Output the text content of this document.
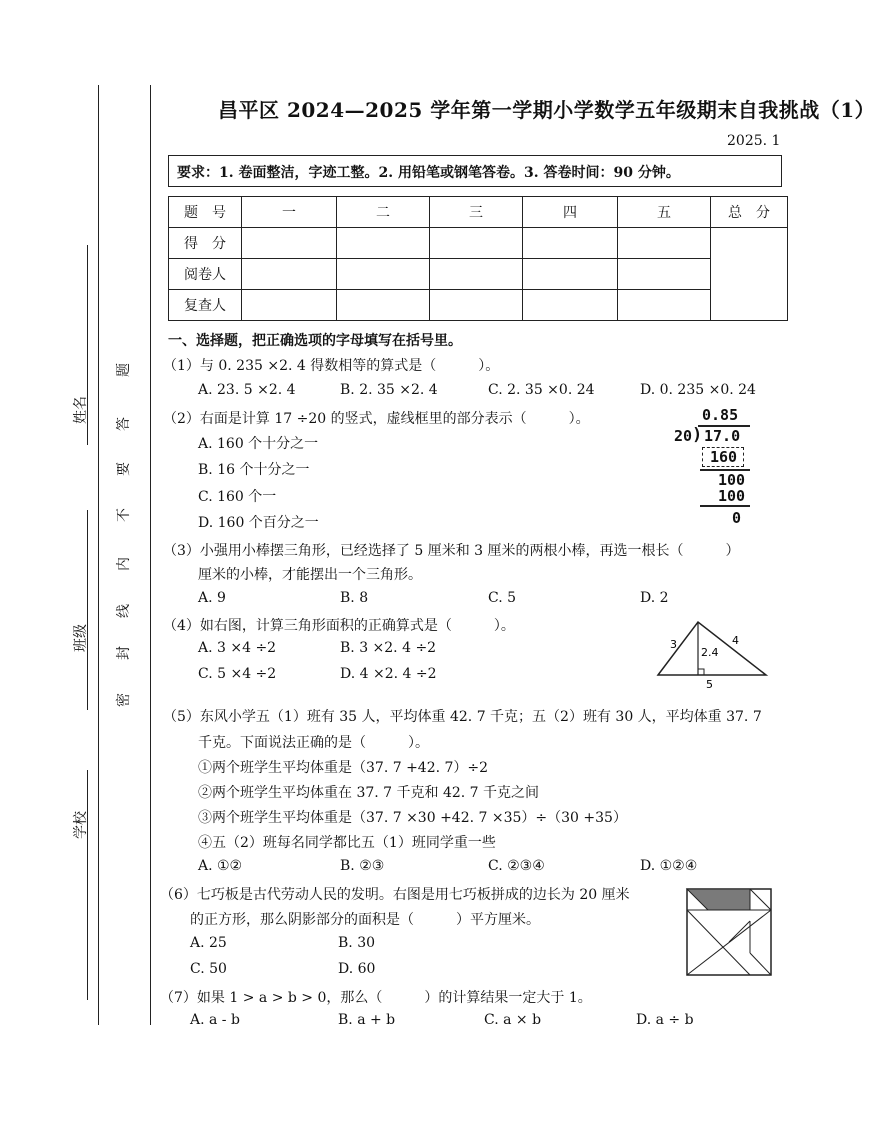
姓名
班级
学校
密
封
线
内
不
要
答
题
昌平区 2024—2025 学年第一学期小学数学五年级期末自我挑战（1）
2025. 1
要求：1. 卷面整洁，字迹工整。2. 用铅笔或钢笔答卷。3. 答卷时间：90 分钟。
题　号	一	二	三	四	五	总　分
得　分						
阅卷人						
复查人						
一、选择题，把正确选项的字母填写在括号里。
（1）与 0. 235 ×2. 4 得数相等的算式是（　　　）。
A. 23. 5 ×2. 4	B. 2. 35 ×2. 4	C. 2. 35 ×0. 24	D. 0. 235 ×0. 24
（2）右面是计算 17 ÷20 的竖式，虚线框里的部分表示（　　　）。
A. 160 个十分之一
B. 16 个十分之一
C. 160 个一
D. 160 个百分之一
0.85
20 ) 17.0
160
100
100
0
（3）小强用小棒摆三角形，已经选择了 5 厘米和 3 厘米的两根小棒，再选一根长（　　　）
厘米的小棒，才能摆出一个三角形。
A. 9	B. 8	C. 5	D. 2
（4）如右图，计算三角形面积的正确算式是（　　　）。
A. 3 ×4 ÷2	B. 3 ×2. 4 ÷2
C. 5 ×4 ÷2	D. 4 ×2. 4 ÷2
3	4
2.4
5
（5）东风小学五（1）班有 35 人，平均体重 42. 7 千克；五（2）班有 30 人，平均体重 37. 7
千克。下面说法正确的是（　　　）。
①两个班学生平均体重是（37. 7 +42. 7）÷2
②两个班学生平均体重在 37. 7 千克和 42. 7 千克之间
③两个班学生平均体重是（37. 7 ×30 +42. 7 ×35）÷（30 +35）
④五（2）班每名同学都比五（1）班同学重一些
A. ①②	B. ②③	C. ②③④	D. ①②④
（6）七巧板是古代劳动人民的发明。右图是用七巧板拼成的边长为 20 厘米
的正方形，那么阴影部分的面积是（　　　）平方厘米。
A. 25	B. 30
C. 50	D. 60
（7）如果 1 > a > b > 0，那么（　　　）的计算结果一定大于 1。
A. a - b	B. a + b	C. a × b	D. a ÷ b
